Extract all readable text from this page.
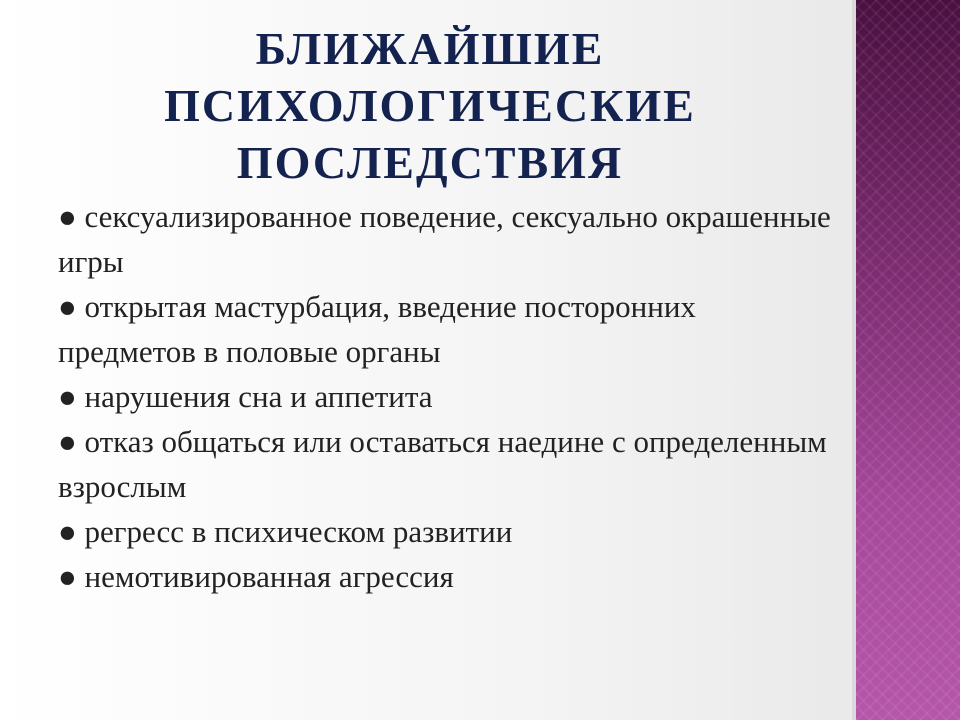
БЛИЖАЙШИЕ
ПСИХОЛОГИЧЕСКИЕ
ПОСЛЕДСТВИЯ
● сексуализированное поведение, сексуально окрашенные игры
● открытая мастурбация, введение посторонних предметов в половые органы
● нарушения сна и аппетита
● отказ общаться или оставаться наедине с определенным взрослым
● регресс в психическом развитии
● немотивированная агрессия
